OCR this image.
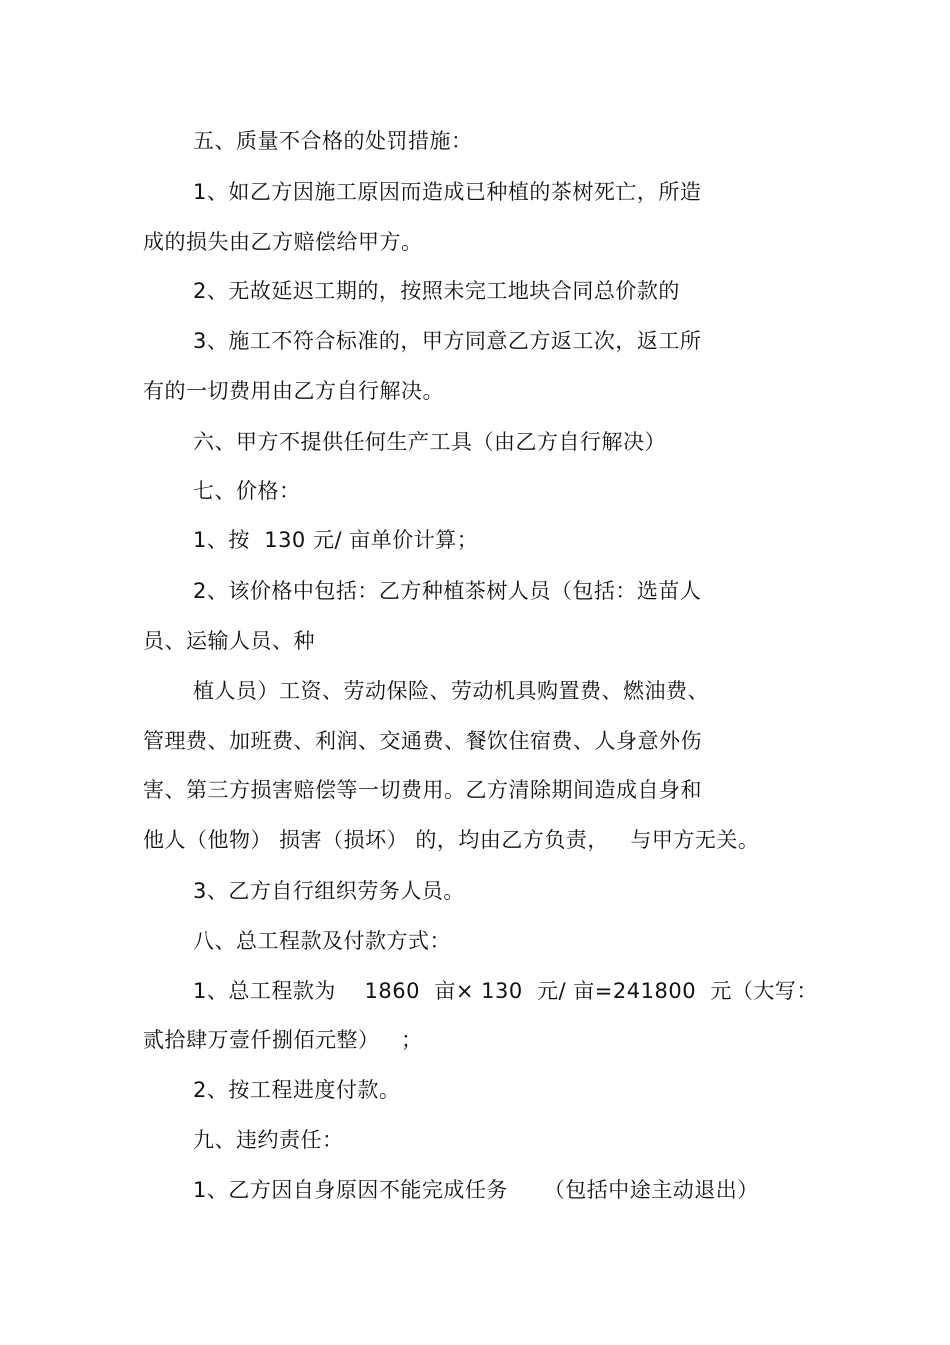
五、质量不合格的处罚措施：
1、如乙方因施工原因而造成已种植的茶树死亡，所造
成的损失由乙方赔偿给甲方。
2、无故延迟工期的，按照未完工地块合同总价款的
3、施工不符合标准的，甲方同意乙方返工次，返工所
有的一切费用由乙方自行解决。
六、甲方不提供任何生产工具（由乙方自行解决）
七、价格：
1、按  130 元/ 亩单价计算；
2、该价格中包括：乙方种植茶树人员（包括：选苗人
员、运输人员、种
植人员）工资、劳动保险、劳动机具购置费、燃油费、
管理费、加班费、利润、交通费、餐饮住宿费、人身意外伤
害、第三方损害赔偿等一切费用。乙方清除期间造成自身和
他人（他物） 损害（损坏） 的，均由乙方负责，   与甲方无关。
3、乙方自行组织劳务人员。
八、总工程款及付款方式：
1、总工程款为    1860  亩× 130  元/ 亩=241800  元（大写：
贰拾肆万壹仟捌佰元整）   ；
2、按工程进度付款。
九、违约责任：
1、乙方因自身原因不能完成任务     （包括中途主动退出）
